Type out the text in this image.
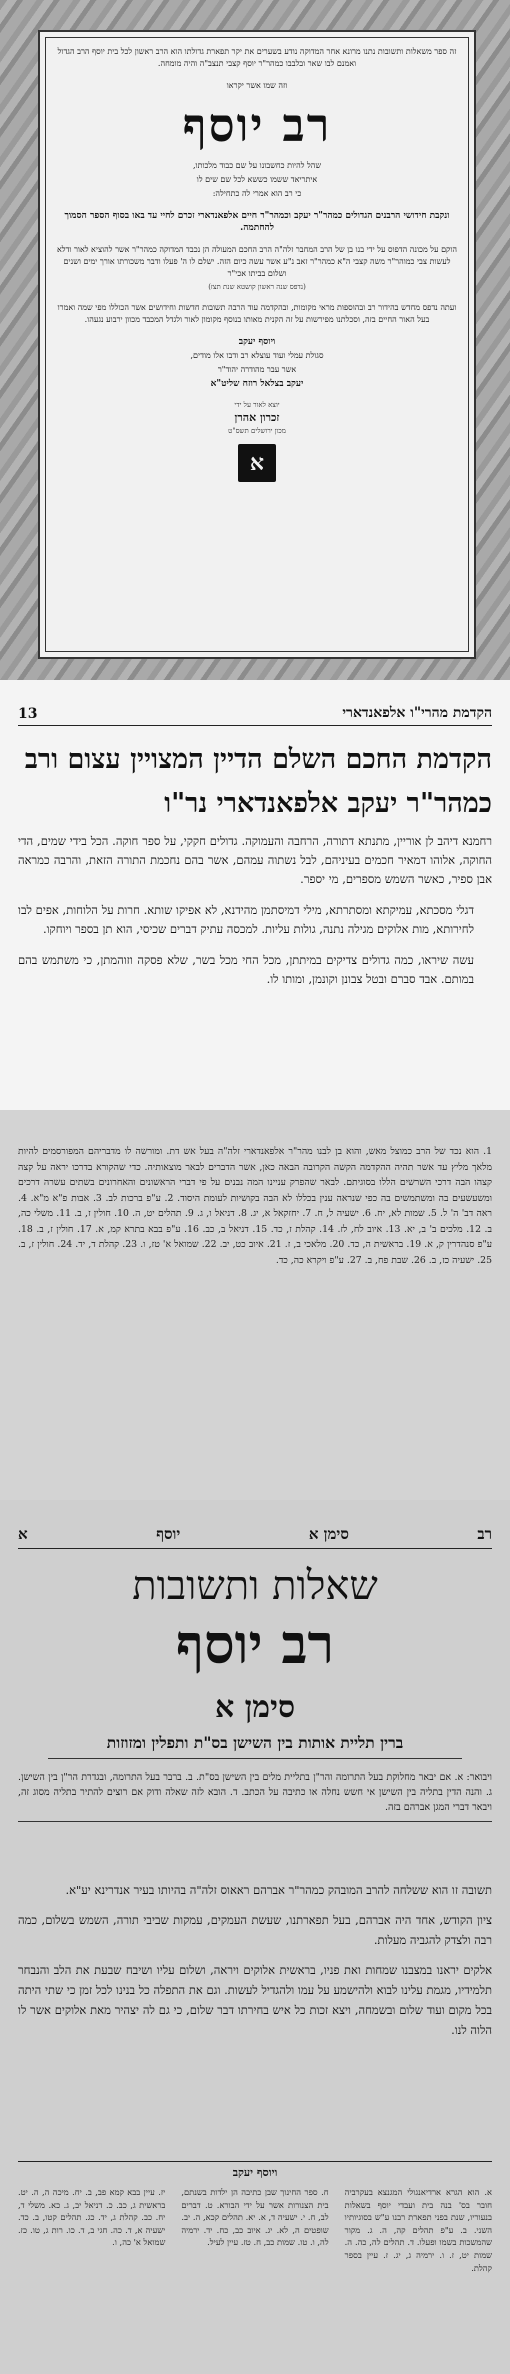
זה ספר משאלות ותשובות נתנו מרונא אחר המדוקה נודע בשערים את יקר תפארת גדולתו הוא הרב ראשון לכל בית יוסף הרב הגדול ואמנם לבו שאר ובלבבו כמהר"ר יוסף קצבי תנצב"ה והיה מומחה.
וזה שמו אשר יקראו
רב יוסף
שהל להיות כחשבונו על שם כבוד מלכותו,
איתריאד ששמו כששא לכל שם שים לו
כי רב הוא אמרי לה כתחילה:
ונקבת חידושי הרבנים הגדולים כמהר"ר יעקב וכמהר"ר חיים אלפאנדארי זכרם לחיי עד באו בסוף הספר הסמוך להחתמה.
הוקם על מכונה הדפוס על ידי בנו בן של הרב המחבר זלה"ה הרב החכם המעולה הן נכבד המדוקה כמהר"ר אשר להוציא לאור ודלא לעשות צבי כמוהר"ר משה קצבי ה"א כמהר"ר זאב נ"ע אשר עשה כיום הזה. ישלם לו ה' פעלו ודבר משכורתו אורך ימים ושנים ושלום בביתו אכי"ר
(נדפס שנה ראשון קושטא שנת תצז)
ועתה נדפס מחדש בהידור רב ובהוספות מראי מקומות, ובהקדמה עוד הרבה תשובות חדשות וחידושים אשר הכוללו מפי שמה ואמרו בעל האור החיים בזה, וסכלתנו מפירשות על זה הקנית מאותו בנוסף מקומון לאור ולגדל המכבד מכוון ירבוע נגעהו.
ויוסף יעקב
סגולת עמלי ועוד עוצלא רב ודבו אלו מודים,
אשר עבר מהודרה יהוד"ר
יעקב בצלאל רוזח שליט"א
יוצא לאור על ידי
זכרון אהרן
מכון ירושלים תשס"ט
א
13	הקדמת מהרי"ו אלפאנדארי
הקדמת החכם השלם הדיין המצויין עצום ורב כמהר"ר יעקב אלפאנדארי נר"ו

רחמנא דיהב לן אוריין, מתנתא דתורה, הרחבה והעמוקה. גדולים חקקי, על ספר חוקה. הכל בידי שמים, הדי החוקה, אלוהו דמאיר חכמים בעיניהם, לבל נשתוה עמהם, אשר בהם נחכמת התורה הזאת, והרבה כמראה אבן ספיר, כאשר השמש מספרים, מי יספר.

דגלי מסכתא, עמיקתא ומסתרתא, מילי דמיסתמן מהידנא, לא אפיקו שותא. חרות על הלוחות, אפים לבו לחירותא, מות אלוקים מגילה נתנה, גולות עליות. למכסה עתיק דברים שכיסי, הוא תן בספר ויוחקו.

עשה שיראו, כמה גדולים צדיקים במיתתן, מכל החי מכל בשר, שלא פסקה וזוהמתן, כי משתמש בהם במותם. אבד סברם ובטל צבונן וקונמן, ומותו לו.

1. הוא נכד של הרב כמוצל מאש, והוא בן לבנו מהר"ר אלפאנדארי זלה"ה בעל אש דת. ומורשה לו מדבריהם המפורסמים להיות מלאך מליץ עד אשר תהיה ההקדמה הקשה הקרובה הבאה כאן, אשר הדברים לבאר מוצאותיה. כדי שהקורא בדרכו יראה על קצה קצהו הבה דרכי השרשים הללו בסוגיתם. לבאר שהפרק עניינו המה נבנים על פי דברי הראשונים והאחרונים בשתים עשרה דרכים ומשעשעים בה ומשתמשים בה כפי שנראה ענין בכללו לא הבה בקושיות לעומת היסוד. 2. ע"פ ברכות לב. 3. אבות פ"א מ"א. 4. ראה דב' ה' ל. 5. שמות לא, יח. 6. ישעיה ל, ח. 7. יחזקאל א, יג. 8. דניאל ו, ג. 9. תהלים יט, ה. 10. חולין ז, ב. 11. משלי כה, ב. 12. מלכים ב' ב, יא. 13. איוב לח, לז. 14. קהלת ז, כד. 15. דניאל ב, כב. 16. ע"פ בבא בתרא קמ, א. 17. חולין ז, ב. 18. ע"פ סנהדרין ק, א. 19. בראשית ה, כד. 20. מלאכי ב, ז. 21. איוב כט, יב. 22. שמואל א' טז, ו. 23. קהלת ד, יד. 24. חולין ז, ב. 25. ישעיה כז, ב. 26. שבת פח, ב. 27. ע"פ ויקרא כה, כד.
רב
סימן א
יוסף
א
שאלות ותשובות
רב יוסף
סימן א
ברין תליית אותות בין השישן בס"ת ותפלין ומזוזות
ויבואר: א. אם יבאר מחלוקת בעל התרומה והר"ן בתליית מלים בין השישן בס"ת. ב. ברבר בעל התרומה, ובגדרת הר"ן בין השישן. ג. והנה הדין בתליה בין השישן אי חשש נחלה או כתיבה על הכתב. ד. הובא לזה שאלה ודוק אם רוצים להתיר בתליה מסוג זה, ויבאר דברי המגן אברהם בזה.

תשובה זו הוא ששלחה להרב המובהק כמהר"ר אברהם ראאוס זלה"ה בהיותו בעיר אנדרינא יע"א.

ציון הקודש, אחד היה אברהם, בעל תפארתנו, שעשת העמקים, עמקות שביבי תורה, השמש בשלום, כמה רבה ולצדק להגביה מעלות.

אלקים יראנו במצבנו שמחות ואת פניו, בראשית אלוקים ויראה, ושלום עליו ושיבח שבעת את הלב והנבחר תלמידיו, מגמת עלינו לבוא ולהישמע על עמו ולהגדיל לעשות. וגם את התפלה כל בנינו לכל זמן כי שתי היתה בכל מקום ועוד שלום ובשמחה, ויצא זכות כל איש בחירתו דבר שלום, כי גם לה יצהיר מאת אלוקים אשר לו הלוה לנו.

ויוסף יעקב
א. הוא הגרא ארדיאנגולי המגנצא בעקרביה חובר בס' בנה בית ועבדי יוסף בשאלות בנעוריו, שנת בפני תפארת רבנו ע"ש בסוגיותיו השני. ב. ע"פ תהלים קה, ה. ג. מקור שהמשכות בשמו ופעלו. ד. תהלים לה, כה. ה. שמות יט, ז. ו. ירמיה ג, יג. ז. עיין בספר קהלת.
ח. ספר החינוך שבן כתיבה הן ילדות בשנתם, בית הצנורות אשר על ידי הבורא. ט. דברים לב, ח. י. ישעיה ד, א. יא. תהלים קכא, ה. יב. שופטים ה, לא. יג. איוב כב, כח. יד. ירמיה לה, ו. טו. שמות כב, ח. טז. עיין לעיל.
יז. עיין בבא קמא פב, ב. יח. מיכה ה, ה. יט. בראשית ג, כב. כ. דניאל יב, ג. כא. משלי ד, יח. כב. קהלת ג, יד. כג. תהלים קטו, ב. כד. ישעיה א, ד. כה. חגי ב, ד. כו. רות ג, טו. כז. שמואל א' כה, ו.
